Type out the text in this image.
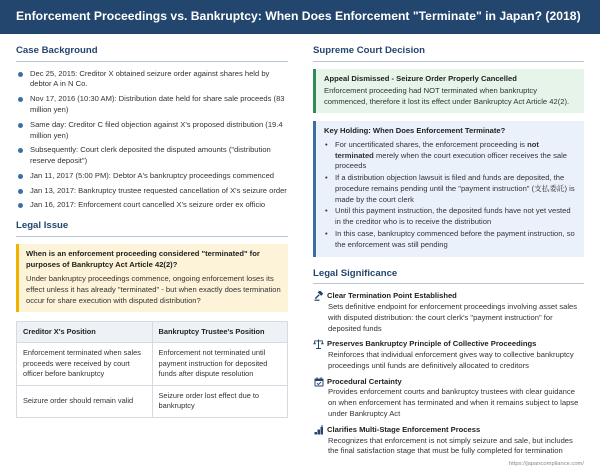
Enforcement Proceedings vs. Bankruptcy: When Does Enforcement "Terminate" in Japan? (2018)
Case Background
Dec 25, 2015: Creditor X obtained seizure order against shares held by debtor A in N Co.
Nov 17, 2016 (10:30 AM): Distribution date held for share sale proceeds (83 million yen)
Same day: Creditor C filed objection against X's proposed distribution (19.4 million yen)
Subsequently: Court clerk deposited the disputed amounts ("distribution reserve deposit")
Jan 11, 2017 (5:00 PM): Debtor A's bankruptcy proceedings commenced
Jan 13, 2017: Bankruptcy trustee requested cancellation of X's seizure order
Jan 16, 2017: Enforcement court cancelled X's seizure order ex officio
Legal Issue
When is an enforcement proceeding considered "terminated" for purposes of Bankruptcy Act Article 42(2)?
Under bankruptcy proceedings commence, ongoing enforcement loses its effect unless it has already "terminated" - but when exactly does termination occur for share execution with disputed distribution?
Creditor X's Position	Bankruptcy Trustee's Position
Enforcement terminated when sales proceeds were received by court officer before bankruptcy	Enforcement not terminated until payment instruction for deposited funds after dispute resolution
Seizure order should remain valid	Seizure order lost effect due to bankruptcy
Supreme Court Decision
Appeal Dismissed - Seizure Order Properly Cancelled
Enforcement proceeding had NOT terminated when bankruptcy commenced, therefore it lost its effect under Bankruptcy Act Article 42(2).
Key Holding: When Does Enforcement Terminate?
• For uncertificated shares, the enforcement proceeding is not terminated merely when the court execution officer receives the sale proceeds
• If a distribution objection lawsuit is filed and funds are deposited, the procedure remains pending until the "payment instruction" (支払委託) is made by the court clerk
• Until this payment instruction, the deposited funds have not yet vested in the creditor who is to receive the distribution
• In this case, bankruptcy commenced before the payment instruction, so the enforcement was still pending
Legal Significance
Clear Termination Point Established
Sets definitive endpoint for enforcement proceedings involving asset sales with disputed distribution: the court clerk's "payment instruction" for deposited funds
Preserves Bankruptcy Principle of Collective Proceedings
Reinforces that individual enforcement gives way to collective bankruptcy proceedings until funds are definitively allocated to creditors
Procedural Certainty
Provides enforcement courts and bankruptcy trustees with clear guidance on when enforcement has terminated and when it remains subject to lapse under Bankruptcy Act
Clarifies Multi-Stage Enforcement Process
Recognizes that enforcement is not simply seizure and sale, but includes the final satisfaction stage that must be fully completed for termination
https://japancompliance.com/
